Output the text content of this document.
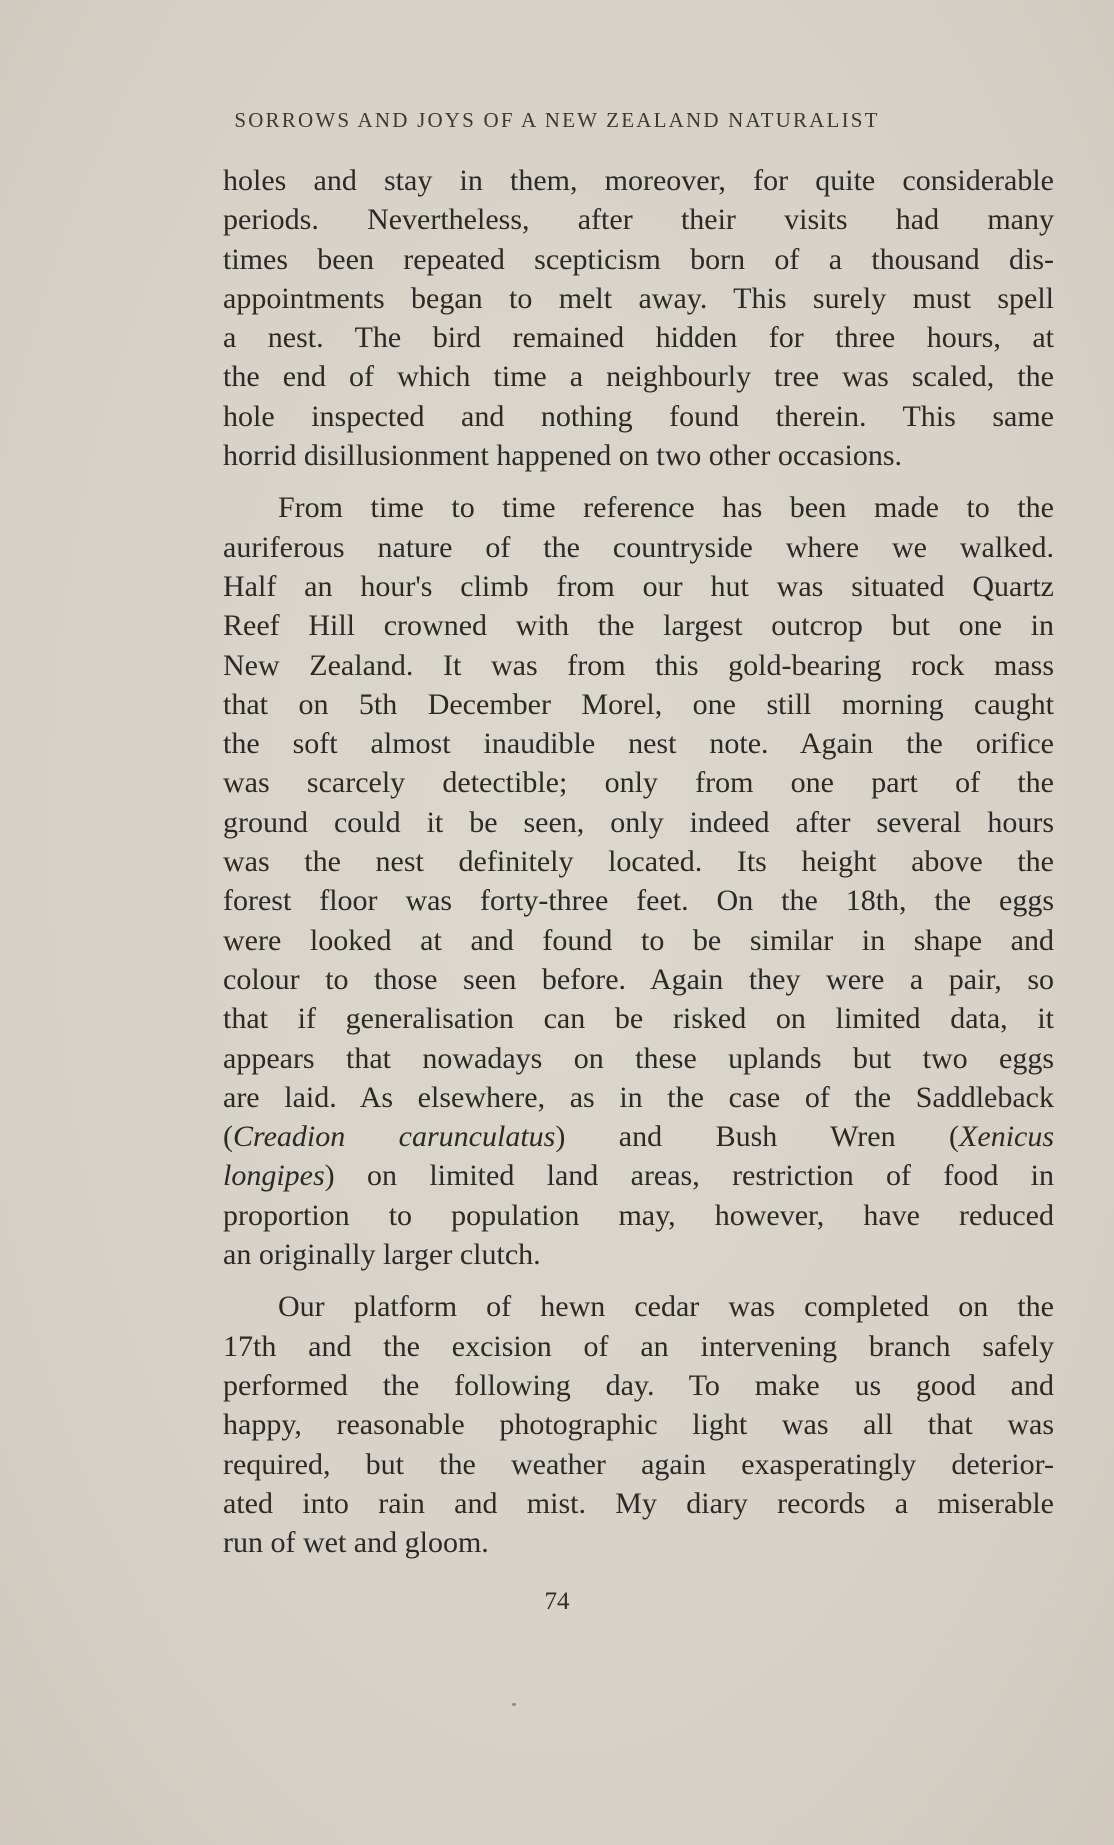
SORROWS AND JOYS OF A NEW ZEALAND NATURALIST

holes and stay in them, moreover, for quite considerable
periods. Nevertheless, after their visits had many
times been repeated scepticism born of a thousand dis-
appointments began to melt away. This surely must spell
a nest. The bird remained hidden for three hours, at
the end of which time a neighbourly tree was scaled, the
hole inspected and nothing found therein. This same
horrid disillusionment happened on two other occasions.

From time to time reference has been made to the
auriferous nature of the countryside where we walked.
Half an hour's climb from our hut was situated Quartz
Reef Hill crowned with the largest outcrop but one in
New Zealand. It was from this gold-bearing rock mass
that on 5th December Morel, one still morning caught
the soft almost inaudible nest note. Again the orifice
was scarcely detectible; only from one part of the
ground could it be seen, only indeed after several hours
was the nest definitely located. Its height above the
forest floor was forty-three feet. On the 18th, the eggs
were looked at and found to be similar in shape and
colour to those seen before. Again they were a pair, so
that if generalisation can be risked on limited data, it
appears that nowadays on these uplands but two eggs
are laid. As elsewhere, as in the case of the Saddleback
(Creadion carunculatus) and Bush Wren (Xenicus
longipes) on limited land areas, restriction of food in
proportion to population may, however, have reduced
an originally larger clutch.

Our platform of hewn cedar was completed on the
17th and the excision of an intervening branch safely
performed the following day. To make us good and
happy, reasonable photographic light was all that was
required, but the weather again exasperatingly deterior-
ated into rain and mist. My diary records a miserable
run of wet and gloom.

74
